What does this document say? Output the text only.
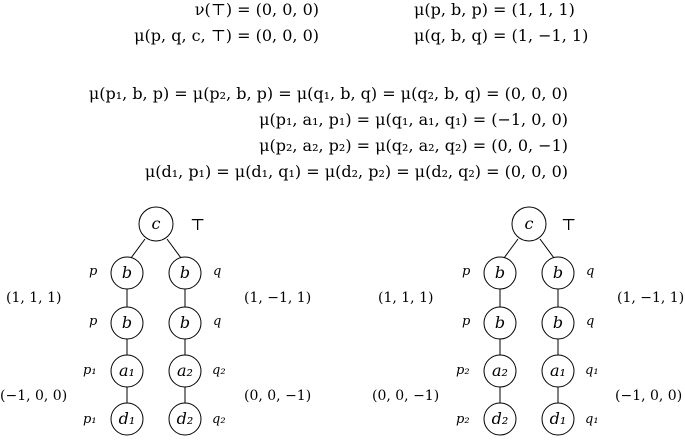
ν(⊤) = (0, 0, 0)
μ(p, q, c, ⊤) = (0, 0, 0)
μ(p, b, p) = (1, 1, 1)
μ(q, b, q) = (1, −1, 1)
μ(p₁, b, p) = μ(p₂, b, p) = μ(q₁, b, q) = μ(q₂, b, q) = (0, 0, 0)
μ(p₁, a₁, p₁) = μ(q₁, a₁, q₁) = (−1, 0, 0)
μ(p₂, a₂, p₂) = μ(q₂, a₂, q₂) = (0, 0, −1)
μ(d₁, p₁) = μ(d₁, q₁) = μ(d₂, p₂) = μ(d₂, q₂) = (0, 0, 0)
c
b	b
b	b
a₁	a₂
d₁	d₂
⊤
p
p
p₁
p₁
q
q
q₂
q₂
(1, 1, 1)
(−1, 0, 0)
(1, −1, 1)
(0, 0, −1)
c
b	b
b	b
a₂	a₁
d₂	d₁
⊤
p
p
p₂
p₂
q
q
q₁
q₁
(1, 1, 1)
(0, 0, −1)
(1, −1, 1)
(−1, 0, 0)
